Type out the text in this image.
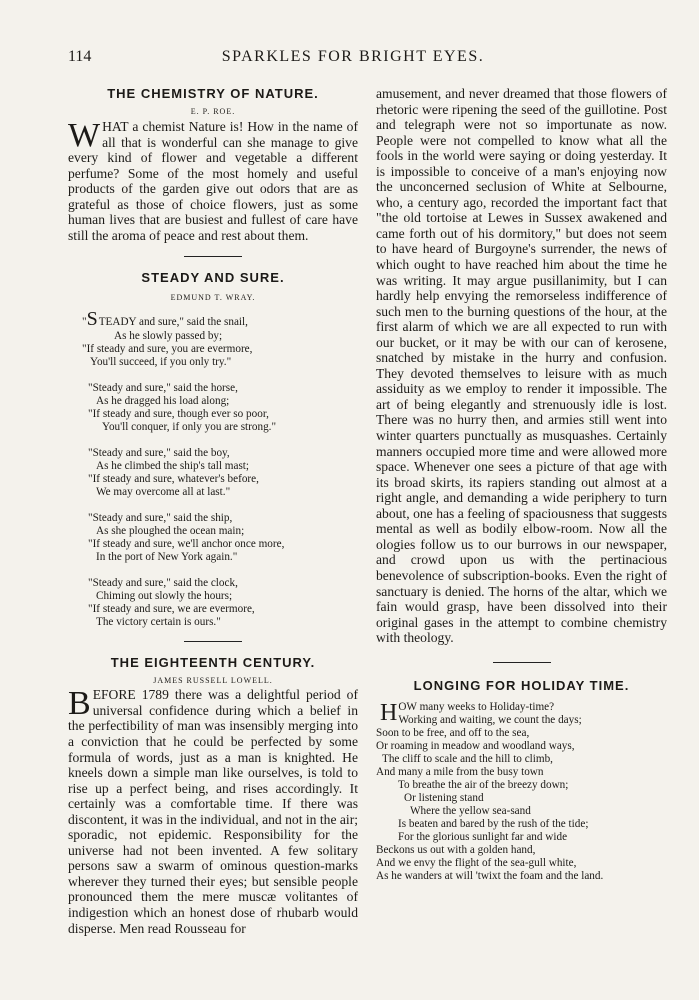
114	SPARKLES FOR BRIGHT EYES.
THE CHEMISTRY OF NATURE.
E. P. ROE.

WHAT a chemist Nature is! How in the name of all that is wonderful can she manage to give every kind of flower and vegetable a different perfume? Some of the most homely and useful products of the garden give out odors that are as grateful as those of choice flowers, just as some human lives that are busiest and fullest of care have still the aroma of peace and rest about them.

STEADY AND SURE.
EDMUND T. WRAY.
"STEADY and sure," said the snail,
As he slowly passed by;
"If steady and sure, you are evermore,
You'll succeed, if you only try."
"Steady and sure," said the horse,
As he dragged his load along;
"If steady and sure, though ever so poor,
You'll conquer, if only you are strong."
"Steady and sure," said the boy,
As he climbed the ship's tall mast;
"If steady and sure, whatever's before,
We may overcome all at last."
"Steady and sure," said the ship,
As she ploughed the ocean main;
"If steady and sure, we'll anchor once more,
In the port of New York again."
"Steady and sure," said the clock,
Chiming out slowly the hours;
"If steady and sure, we are evermore,
The victory certain is ours."
THE EIGHTEENTH CENTURY.
JAMES RUSSELL LOWELL.

BEFORE 1789 there was a delightful period of universal confidence during which a belief in the perfectibility of man was insensibly merging into a conviction that he could be perfected by some formula of words, just as a man is knighted. He kneels down a simple man like ourselves, is told to rise up a perfect being, and rises accordingly. It certainly was a comfortable time. If there was discontent, it was in the individual, and not in the air; sporadic, not epidemic. Responsibility for the universe had not been invented. A few solitary persons saw a swarm of ominous question-marks wherever they turned their eyes; but sensible people pronounced them the mere muscæ volitantes of indigestion which an honest dose of rhubarb would disperse. Men read Rousseau for

amusement, and never dreamed that those flowers of rhetoric were ripening the seed of the guillotine. Post and telegraph were not so importunate as now. People were not compelled to know what all the fools in the world were saying or doing yesterday. It is impossible to conceive of a man's enjoying now the unconcerned seclusion of White at Selbourne, who, a century ago, recorded the important fact that "the old tortoise at Lewes in Sussex awakened and came forth out of his dormitory," but does not seem to have heard of Burgoyne's surrender, the news of which ought to have reached him about the time he was writing. It may argue pusillanimity, but I can hardly help envying the remorseless indifference of such men to the burning questions of the hour, at the first alarm of which we are all expected to run with our bucket, or it may be with our can of kerosene, snatched by mistake in the hurry and confusion. They devoted themselves to leisure with as much assiduity as we employ to render it impossible. The art of being elegantly and strenuously idle is lost. There was no hurry then, and armies still went into winter quarters punctually as musquashes. Certainly manners occupied more time and were allowed more space. Whenever one sees a picture of that age with its broad skirts, its rapiers standing out almost at a right angle, and demanding a wide periphery to turn about, one has a feeling of spaciousness that suggests mental as well as bodily elbow-room. Now all the ologies follow us to our burrows in our newspaper, and crowd upon us with the pertinacious benevolence of subscription-books. Even the right of sanctuary is denied. The horns of the altar, which we fain would grasp, have been dissolved into their original gases in the attempt to combine chemistry with theology.

LONGING FOR HOLIDAY TIME.
HOW many weeks to Holiday-time?
Working and waiting, we count the days;
Soon to be free, and off to the sea,
Or roaming in meadow and woodland ways,
The cliff to scale and the hill to climb,
And many a mile from the busy town
To breathe the air of the breezy down;
Or listening stand
Where the yellow sea-sand
Is beaten and bared by the rush of the tide;
For the glorious sunlight far and wide
Beckons us out with a golden hand,
And we envy the flight of the sea-gull white,
As he wanders at will 'twixt the foam and the land.
